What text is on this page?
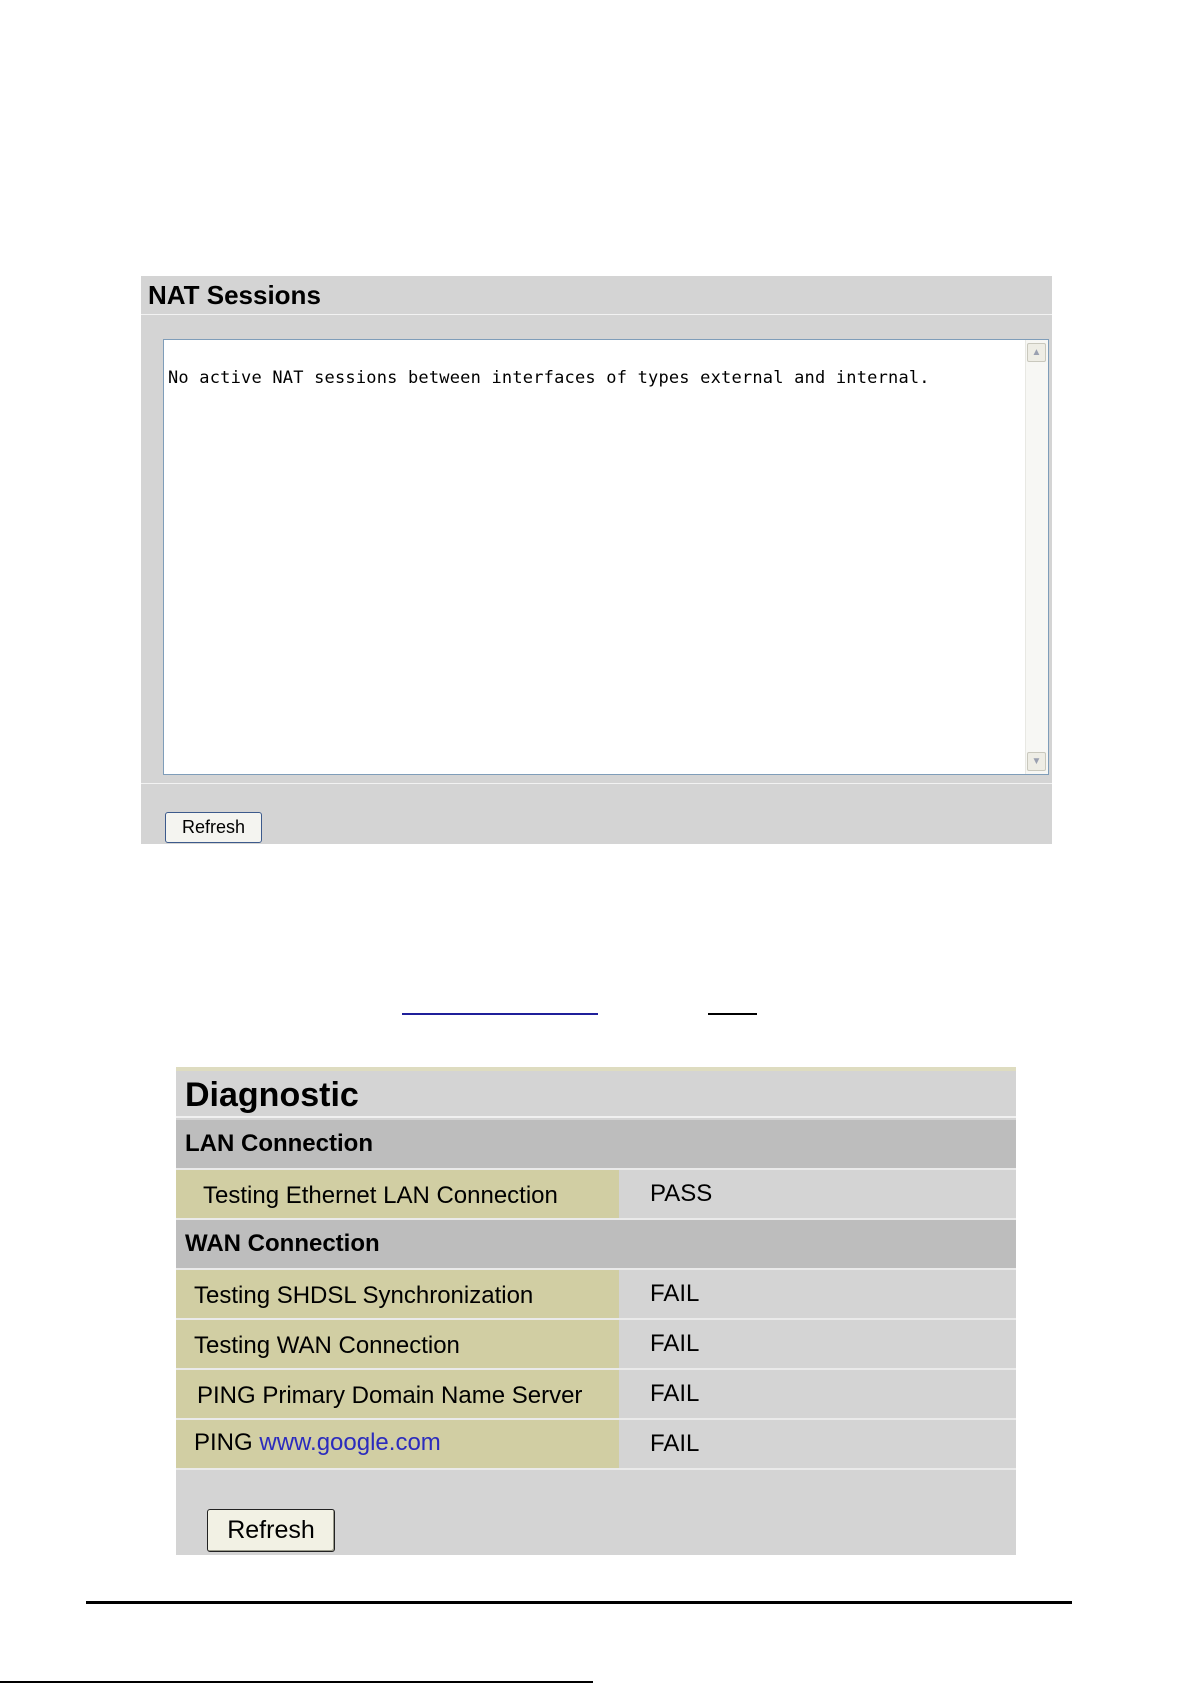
NAT Sessions
No active NAT sessions between interfaces of types external and internal.
▲
▼
Refresh
Diagnostic
LAN Connection
Testing Ethernet LAN Connection	PASS
WAN Connection
Testing SHDSL Synchronization	FAIL
Testing WAN Connection	FAIL
PING Primary Domain Name Server	FAIL
PING www.google.com	FAIL
Refresh
